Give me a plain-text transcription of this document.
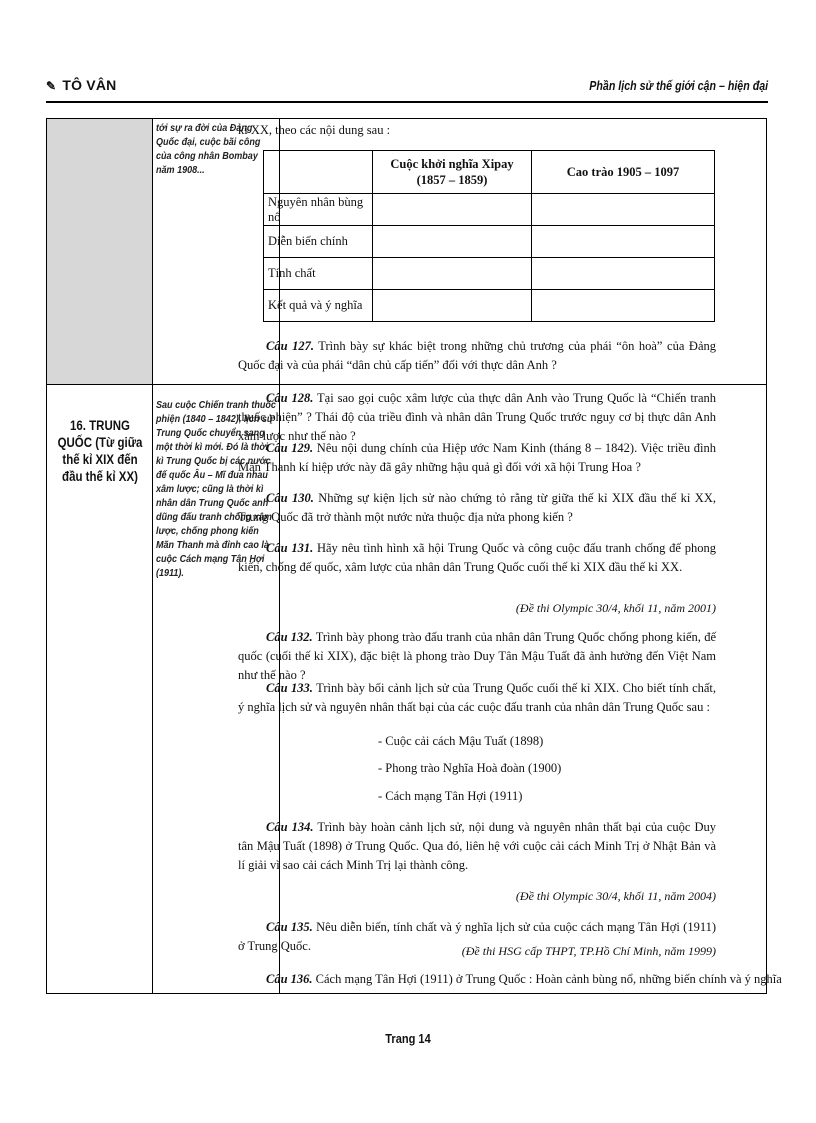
✎ TÔ VÂN	Phần lịch sử thế giới cận – hiện đại
16. TRUNG QUỐC (Từ giữa thế kỉ XIX đến đầu thế kỉ XX)
tới sự ra đời của Đảng Quốc đại, cuộc bãi công của công nhân Bombay năm 1908...

kỉ XX, theo các nội dung sau :

	Cuộc khởi nghĩa Xipay (1857 – 1859)	Cao trào 1905 – 1097
Nguyên nhân bùng nổ		
Diễn biến chính		
Tính chất		
Kết quả và ý nghĩa		

Câu 127. Trình bày sự khác biệt trong những chủ trương của phái “ôn hoà” của Đảng Quốc đại và của phái “dân chủ cấp tiến” đối với thực dân Anh ?

Sau cuộc Chiến tranh thuốc phiện (1840 – 1842), lịch sử Trung Quốc chuyển sang một thời kì mới. Đó là thời kì Trung Quốc bị các nước đế quốc Âu – Mĩ đua nhau xâm lược; cũng là thời kì nhân dân Trung Quốc anh dũng đấu tranh chống xâm lược, chống phong kiến Mãn Thanh mà đỉnh cao là cuộc Cách mạng Tân Hợi (1911).

Câu 128. Tại sao gọi cuộc xâm lược của thực dân Anh vào Trung Quốc là “Chiến tranh thuốc phiện” ? Thái độ của triều đình và nhân dân Trung Quốc trước nguy cơ bị thực dân Anh xâm lược như thế nào ?

Câu 129. Nêu nội dung chính của Hiệp ước Nam Kinh (tháng 8 – 1842). Việc triều đình Mãn Thanh kí hiệp ước này đã gây những hậu quả gì đối với xã hội Trung Hoa ?

Câu 130. Những sự kiện lịch sử nào chứng tỏ rằng từ giữa thế kỉ XIX đầu thế kỉ XX, Trung Quốc đã trở thành một nước nửa thuộc địa nửa phong kiến ?

Câu 131. Hãy nêu tình hình xã hội Trung Quốc và công cuộc đấu tranh chống đế phong kiến, chống đế quốc, xâm lược của nhân dân Trung Quốc cuối thế kỉ XIX đầu thế kỉ XX.

(Đề thi Olympic 30/4, khối 11, năm 2001)

Câu 132. Trình bày phong trào đấu tranh của nhân dân Trung Quốc chống phong kiến, đế quốc (cuối thế kỉ XIX), đặc biệt là phong trào Duy Tân Mậu Tuất đã ảnh hưởng đến Việt Nam như thế nào ?

Câu 133. Trình bày bối cảnh lịch sử của Trung Quốc cuối thế kỉ XIX. Cho biết tính chất, ý nghĩa lịch sử và nguyên nhân thất bại của các cuộc đấu tranh của nhân dân Trung Quốc sau :

- Cuộc cải cách Mậu Tuất (1898)
- Phong trào Nghĩa Hoà đoàn (1900)
- Cách mạng Tân Hợi (1911)

Câu 134. Trình bày hoàn cảnh lịch sử, nội dung và nguyên nhân thất bại của cuộc Duy tân Mậu Tuất (1898) ở Trung Quốc. Qua đó, liên hệ với cuộc cải cách Minh Trị ở Nhật Bản và lí giải vì sao cải cách Minh Trị lại thành công.

(Đề thi Olympic 30/4, khối 11, năm 2004)

Câu 135. Nêu diễn biến, tính chất và ý nghĩa lịch sử của cuộc cách mạng Tân Hợi (1911) ở Trung Quốc.	(Đề thi HSG cấp THPT, TP.Hồ Chí Minh, năm 1999)

Câu 136. Cách mạng Tân Hợi (1911) ở Trung Quốc : Hoàn cảnh bùng nổ, những biến chính và ý nghĩa

Trang 14
